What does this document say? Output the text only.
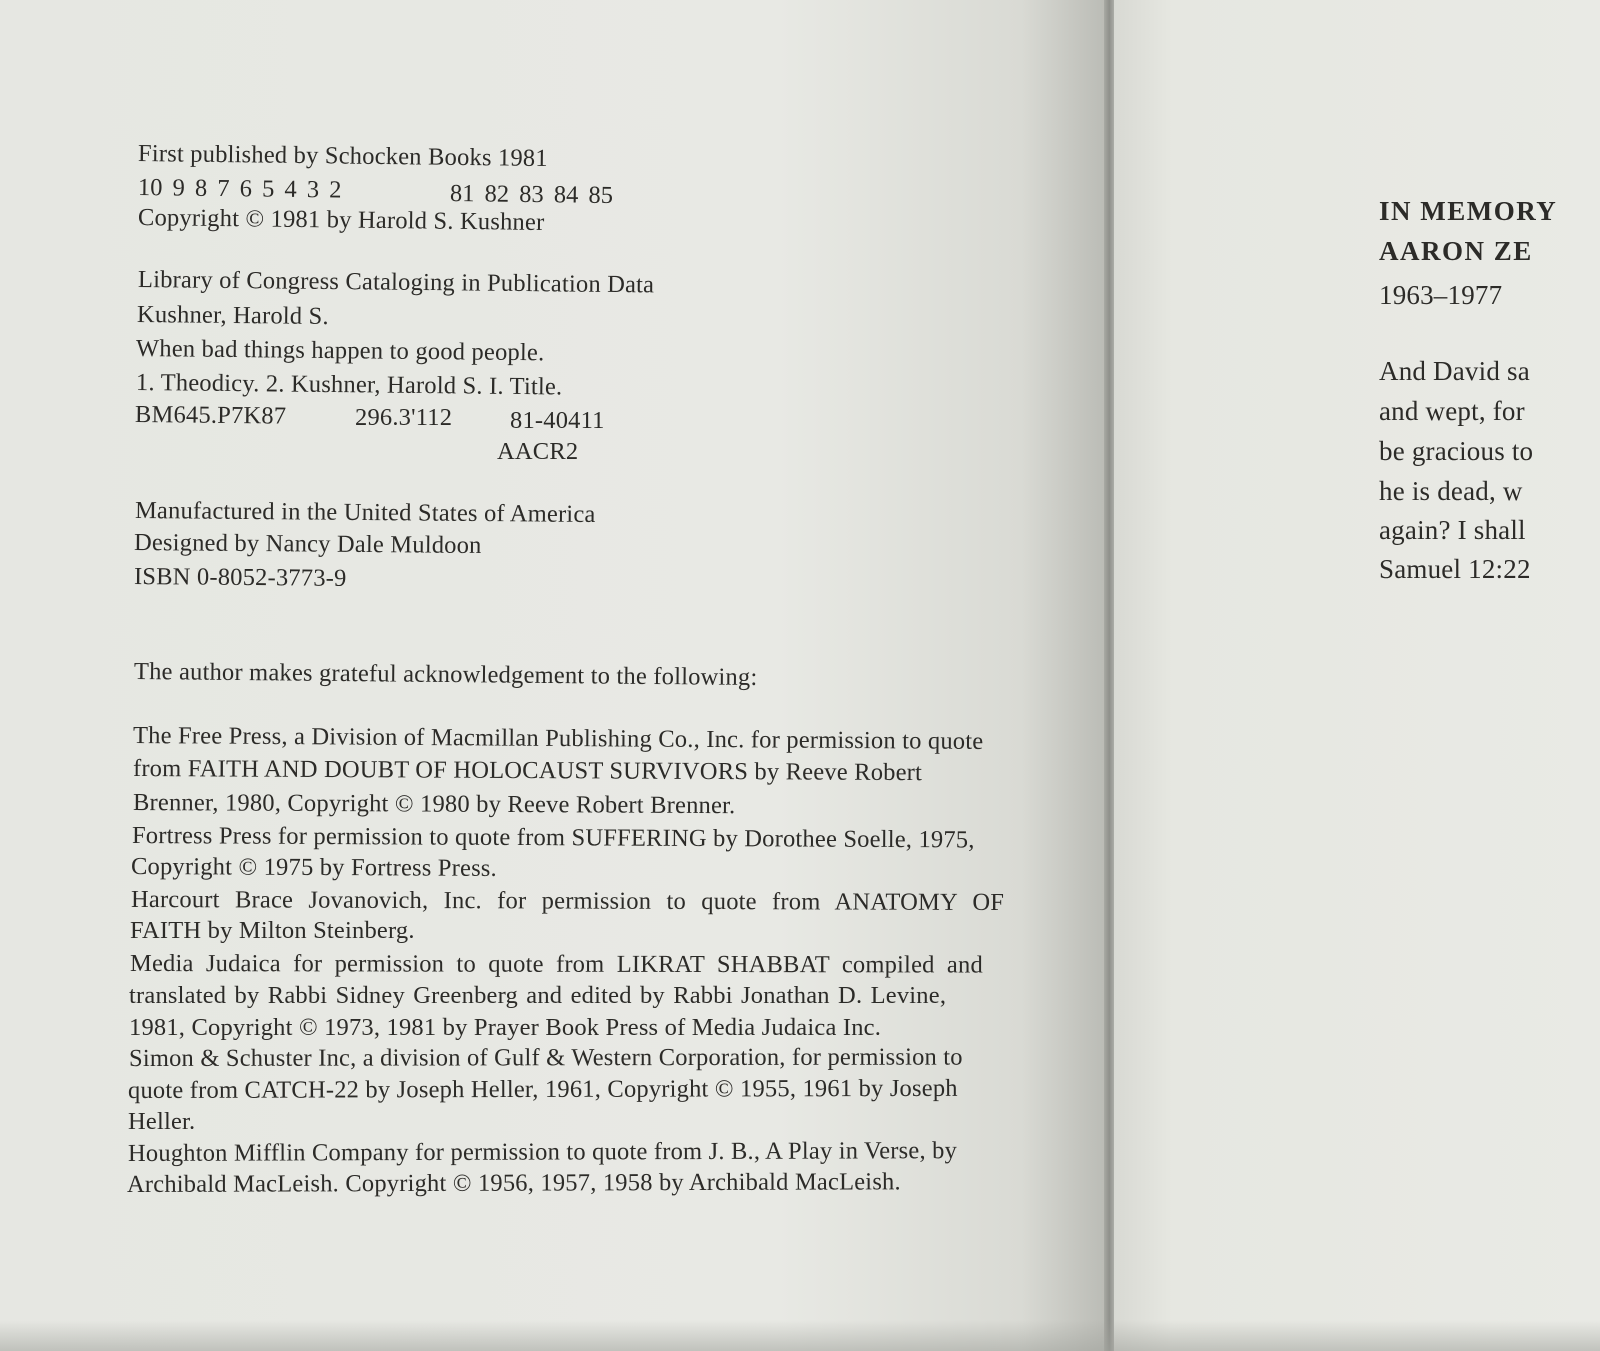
First published by Schocken Books 1981
10 9 8 7 6 5 4 3 2	81 82 83 84 85
Copyright © 1981 by Harold S. Kushner
Library of Congress Cataloging in Publication Data
Kushner, Harold S.
When bad things happen to good people.
1. Theodicy. 2. Kushner, Harold S. I. Title.
BM645.P7K87	296.3'112 81-40411
AACR2
Manufactured in the United States of America
Designed by Nancy Dale Muldoon
ISBN 0-8052-3773-9
The author makes grateful acknowledgement to the following:
The Free Press, a Division of Macmillan Publishing Co., Inc. for permission to quote
from FAITH AND DOUBT OF HOLOCAUST SURVIVORS by Reeve Robert
Brenner, 1980, Copyright © 1980 by Reeve Robert Brenner.
Fortress Press for permission to quote from SUFFERING by Dorothee Soelle, 1975,
Copyright © 1975 by Fortress Press.
Harcourt Brace Jovanovich, Inc. for permission to quote from ANATOMY OF
FAITH by Milton Steinberg.
Media Judaica for permission to quote from LIKRAT SHABBAT compiled and
translated by Rabbi Sidney Greenberg and edited by Rabbi Jonathan D. Levine,
1981, Copyright © 1973, 1981 by Prayer Book Press of Media Judaica Inc.
Simon & Schuster Inc, a division of Gulf & Western Corporation, for permission to
quote from CATCH-22 by Joseph Heller, 1961, Copyright © 1955, 1961 by Joseph
Heller.
Houghton Mifflin Company for permission to quote from J. B., A Play in Verse, by
Archibald MacLeish. Copyright © 1956, 1957, 1958 by Archibald MacLeish.
IN MEMORY
AARON ZE
1963–1977
And David sa
and wept, for
be gracious to
he is dead, w
again? I shall
Samuel 12:22
